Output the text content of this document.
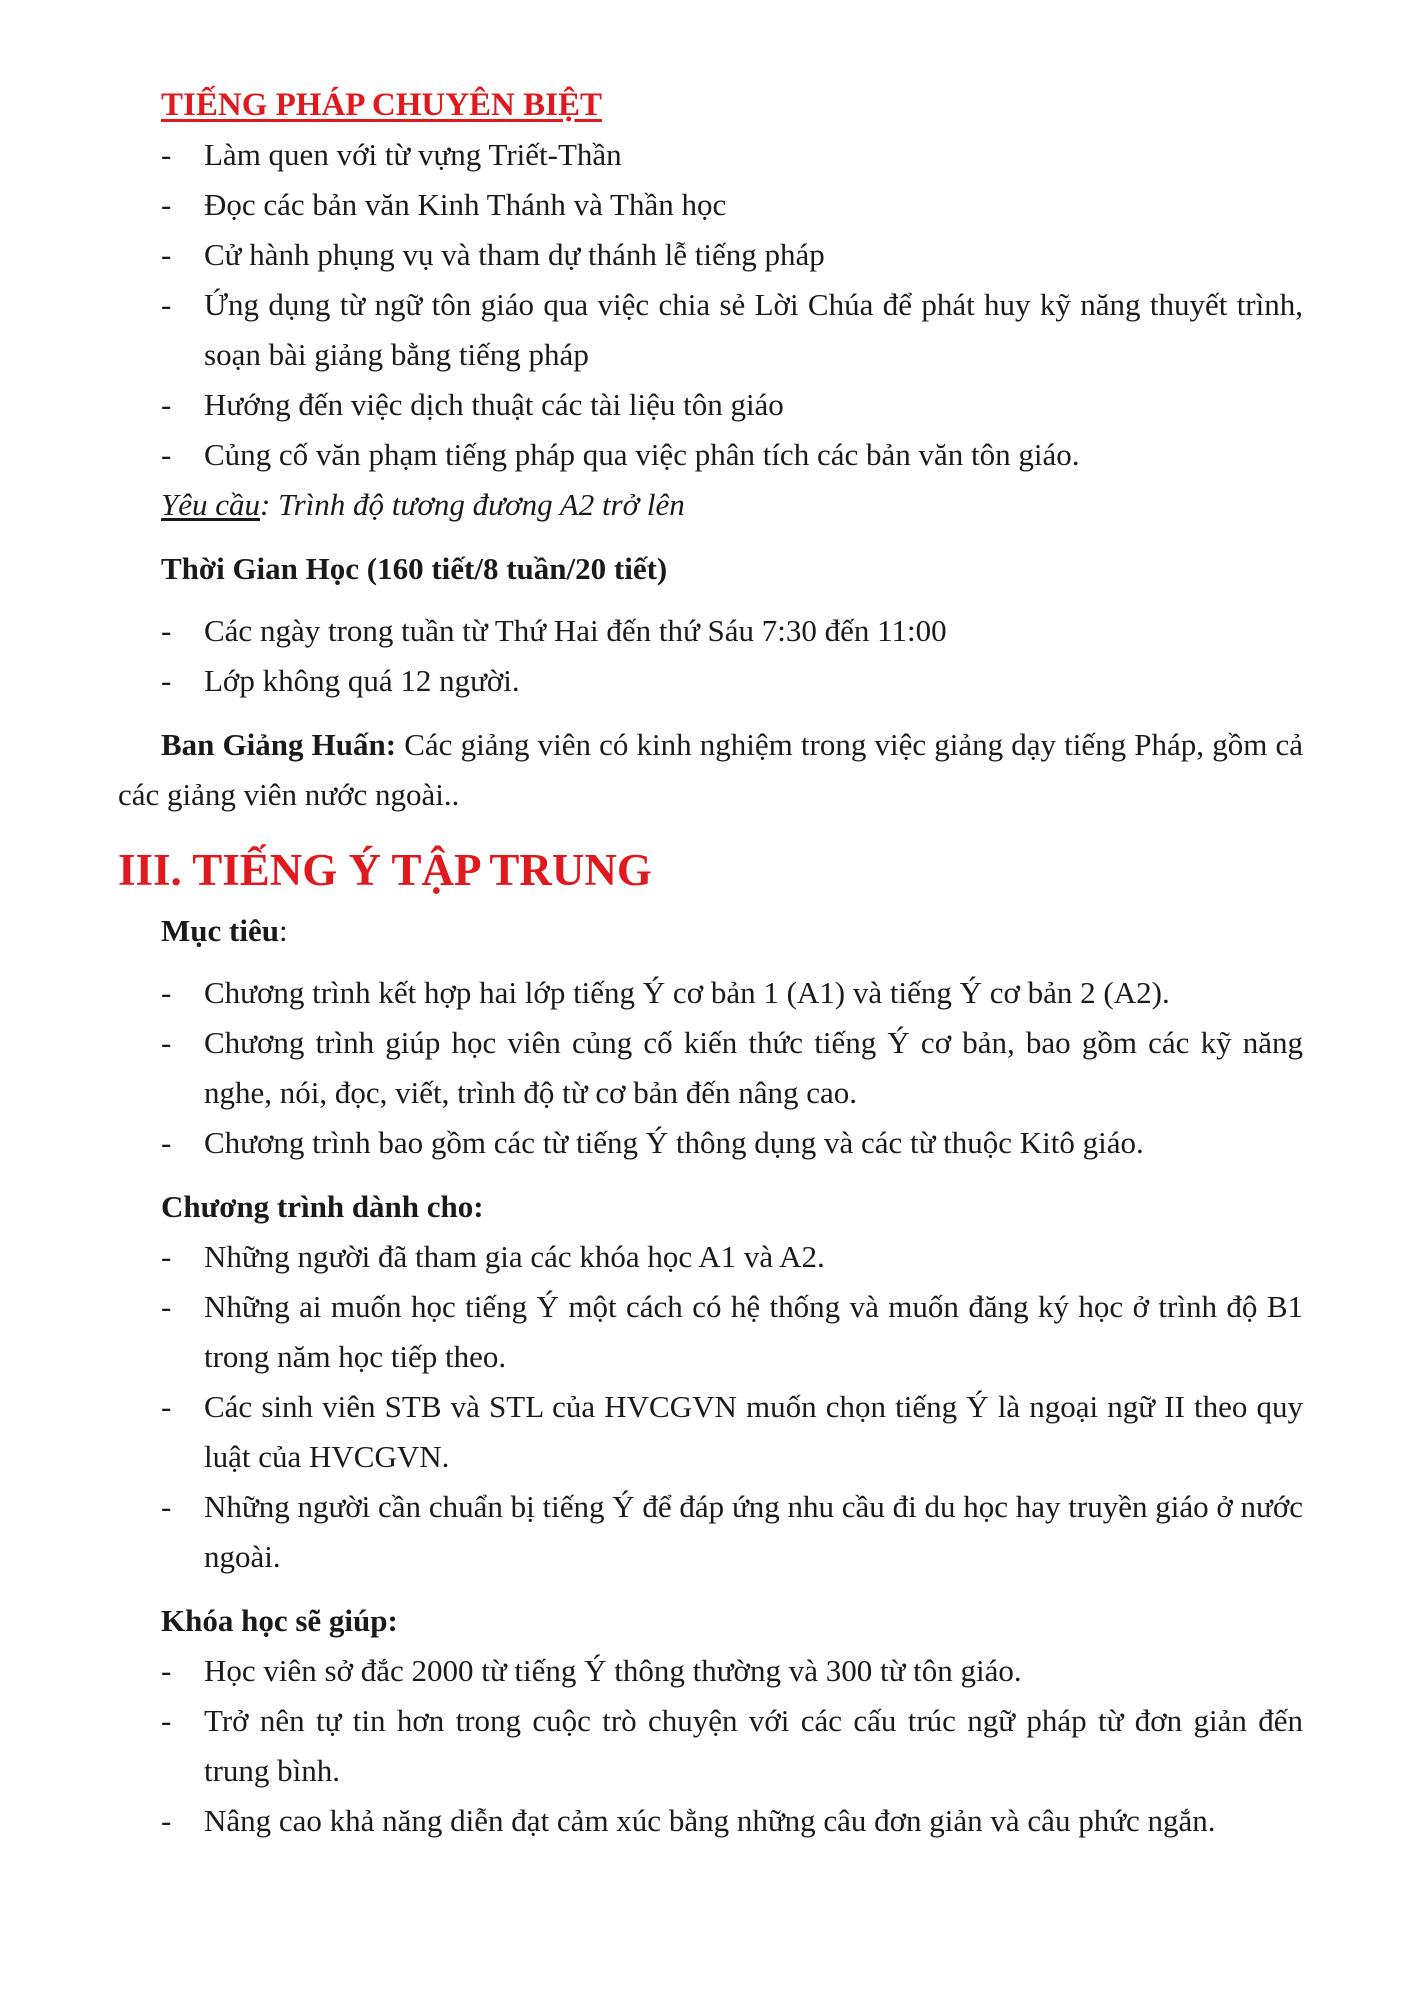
TIẾNG PHÁP CHUYÊN BIỆT
- Làm quen với từ vựng Triết-Thần
- Đọc các bản văn Kinh Thánh và Thần học
- Cử hành phụng vụ và tham dự thánh lễ tiếng pháp
- Ứng dụng từ ngữ tôn giáo qua việc chia sẻ Lời Chúa để phát huy kỹ năng thuyết trình, soạn bài giảng bằng tiếng pháp
- Hướng đến việc dịch thuật các tài liệu tôn giáo
- Củng cố văn phạm tiếng pháp qua việc phân tích các bản văn tôn giáo.
Yêu cầu: Trình độ tương đương A2 trở lên
Thời Gian Học (160 tiết/8 tuần/20 tiết)
- Các ngày trong tuần từ Thứ Hai đến thứ Sáu 7:30 đến 11:00
- Lớp không quá 12 người.
Ban Giảng Huấn: Các giảng viên có kinh nghiệm trong việc giảng dạy tiếng Pháp, gồm cả các giảng viên nước ngoài..
III. TIẾNG Ý TẬP TRUNG
Mục tiêu:
- Chương trình kết hợp hai lớp tiếng Ý cơ bản 1 (A1) và tiếng Ý cơ bản 2 (A2).
- Chương trình giúp học viên củng cố kiến thức tiếng Ý cơ bản, bao gồm các kỹ năng nghe, nói, đọc, viết, trình độ từ cơ bản đến nâng cao.
- Chương trình bao gồm các từ tiếng Ý thông dụng và các từ thuộc Kitô giáo.
Chương trình dành cho:
- Những người đã tham gia các khóa học A1 và A2.
- Những ai muốn học tiếng Ý một cách có hệ thống và muốn đăng ký học ở trình độ B1 trong năm học tiếp theo.
- Các sinh viên STB và STL của HVCGVN muốn chọn tiếng Ý là ngoại ngữ II theo quy luật của HVCGVN.
- Những người cần chuẩn bị tiếng Ý để đáp ứng nhu cầu đi du học hay truyền giáo ở nước ngoài.
Khóa học sẽ giúp:
- Học viên sở đắc 2000 từ tiếng Ý thông thường và 300 từ tôn giáo.
- Trở nên tự tin hơn trong cuộc trò chuyện với các cấu trúc ngữ pháp từ đơn giản đến trung bình.
- Nâng cao khả năng diễn đạt cảm xúc bằng những câu đơn giản và câu phức ngắn.
